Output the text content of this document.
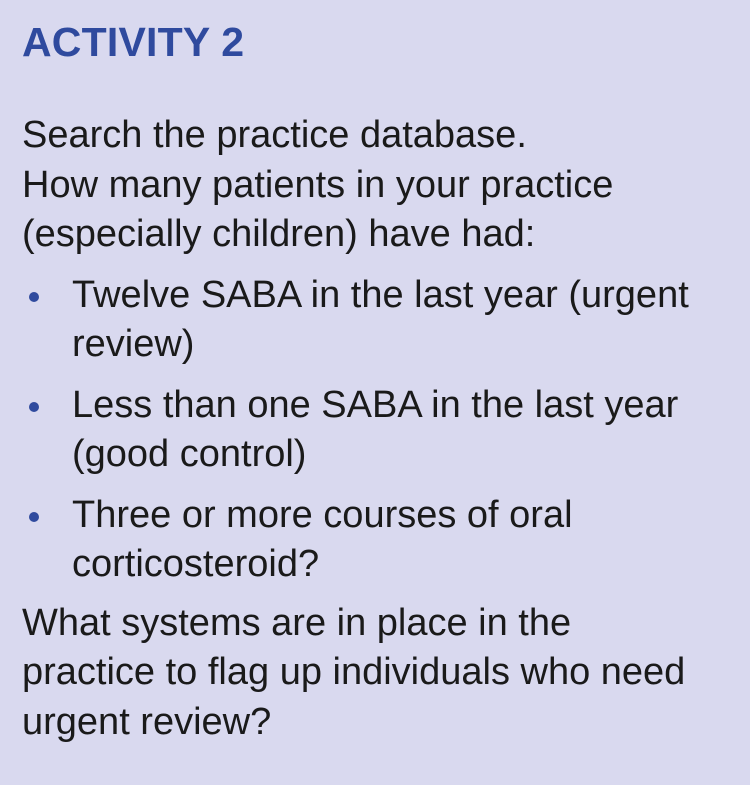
ACTIVITY 2

Search the practice database.

How many patients in your practice

(especially children) have had:

Twelve SABA in the last year (urgent
review)
Less than one SABA in the last year
(good control)
Three or more courses of oral
corticosteroid?

What systems are in place in the

practice to flag up individuals who need

urgent review?
